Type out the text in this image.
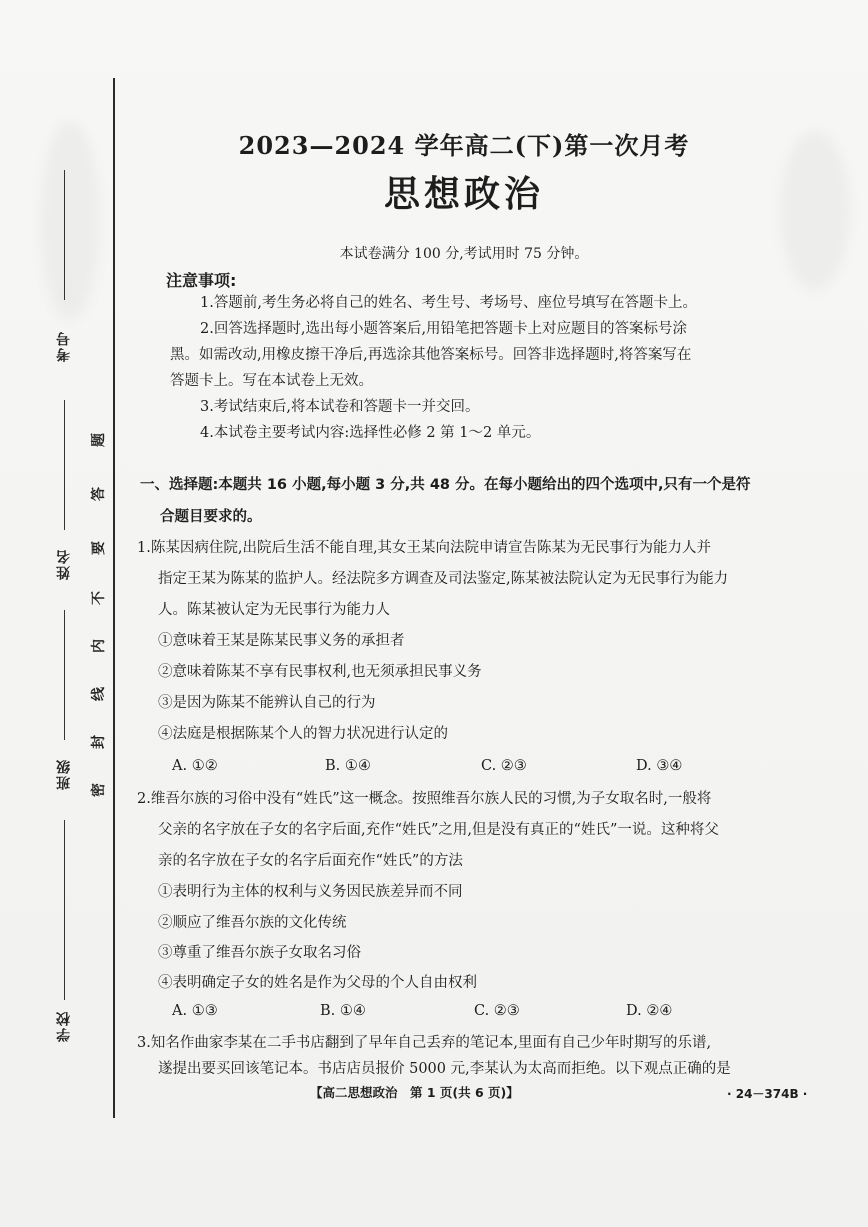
考号
姓名
班级
学校
题
答
要
不
内
线
封
密
2023—2024 学年高二(下)第一次月考
思想政治
本试卷满分 100 分,考试用时 75 分钟。
注意事项:
1.答题前,考生务必将自己的姓名、考生号、考场号、座位号填写在答题卡上。
2.回答选择题时,选出每小题答案后,用铅笔把答题卡上对应题目的答案标号涂
黑。如需改动,用橡皮擦干净后,再选涂其他答案标号。回答非选择题时,将答案写在
答题卡上。写在本试卷上无效。
3.考试结束后,将本试卷和答题卡一并交回。
4.本试卷主要考试内容:选择性必修 2 第 1～2 单元。
一、选择题:本题共 16 小题,每小题 3 分,共 48 分。在每小题给出的四个选项中,只有一个是符
合题目要求的。
1.陈某因病住院,出院后生活不能自理,其女王某向法院申请宣告陈某为无民事行为能力人并
指定王某为陈某的监护人。经法院多方调查及司法鉴定,陈某被法院认定为无民事行为能力
人。陈某被认定为无民事行为能力人
①意味着王某是陈某民事义务的承担者
②意味着陈某不享有民事权利,也无须承担民事义务
③是因为陈某不能辨认自己的行为
④法庭是根据陈某个人的智力状况进行认定的
A. ①②	B. ①④	C. ②③	D. ③④
2.维吾尔族的习俗中没有“姓氏”这一概念。按照维吾尔族人民的习惯,为子女取名时,一般将
父亲的名字放在子女的名字后面,充作“姓氏”之用,但是没有真正的“姓氏”一说。这种将父
亲的名字放在子女的名字后面充作“姓氏”的方法
①表明行为主体的权利与义务因民族差异而不同
②顺应了维吾尔族的文化传统
③尊重了维吾尔族子女取名习俗
④表明确定子女的姓名是作为父母的个人自由权利
A. ①③	B. ①④	C. ②③	D. ②④
3.知名作曲家李某在二手书店翻到了早年自己丢弃的笔记本,里面有自己少年时期写的乐谱,
遂提出要买回该笔记本。书店店员报价 5000 元,李某认为太高而拒绝。以下观点正确的是
【高二思想政治　第 1 页(共 6 页)】	· 24－374B ·
